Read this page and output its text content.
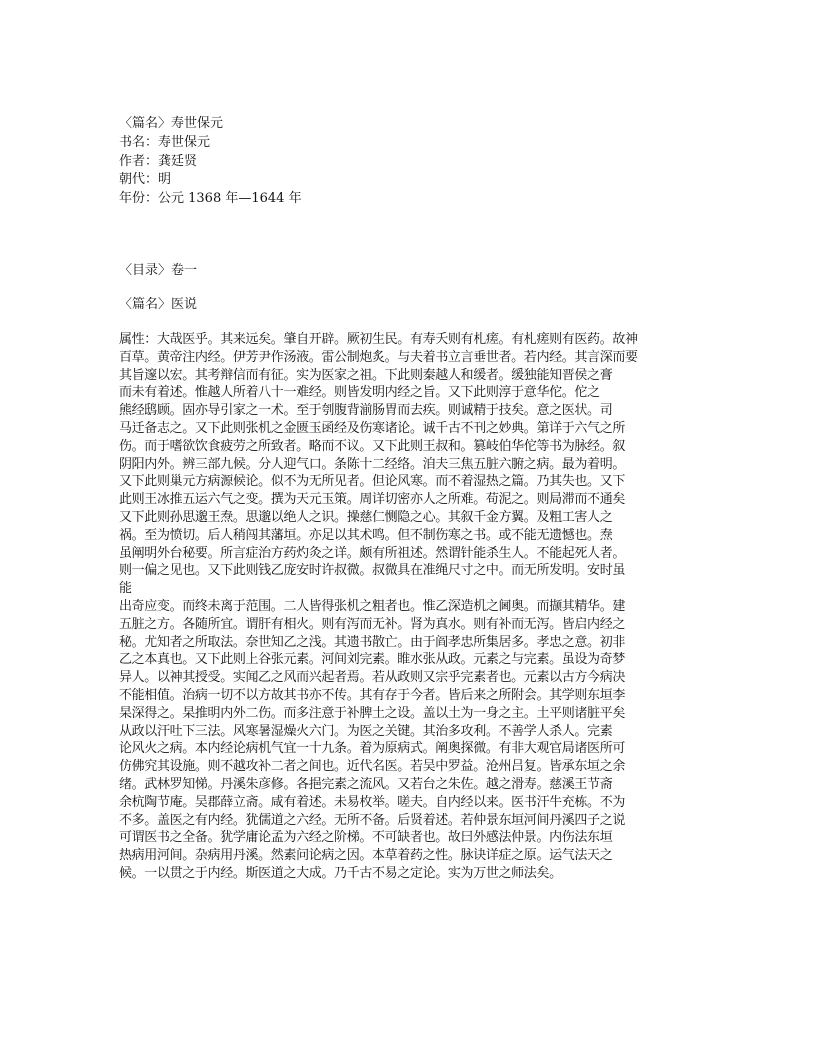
〈篇名〉寿世保元
书名：寿世保元
作者：龚廷贤
朝代：明
年份：公元 1368 年—1644 年
〈目录〉卷一
〈篇名〉医说
属性：大哉医乎。其来远矣。肇自开辟。厥初生民。有寿夭则有札瘥。有札瘥则有医药。故神
百草。黄帝注内经。伊芳尹作汤液。雷公制炮炙。与夫着书立言垂世者。若内经。其言深而要
其旨邃以宏。其考辩信而有征。实为医家之祖。下此则秦越人和缓者。缓独能知晋侯之膏
而未有着述。惟越人所着八十一难经。则皆发明内经之旨。又下此则淳于意华佗。佗之
熊经鸱顾。固亦导引家之一术。至于刳腹背湔肠胃而去疾。则诚精于技矣。意之医状。司
马迁备志之。又下此则张机之金匮玉函经及伤寒诸论。诚千古不刊之妙典。第详于六气之所
伤。而于嗜欲饮食疲劳之所致者。略而不议。又下此则王叔和。篡岐伯华佗等书为脉经。叙
阴阳内外。辨三部九候。分人迎气口。条陈十二经络。洎夫三焦五脏六腑之病。最为着明。
又下此则巢元方病源候论。似不为无所见者。但论风寒。而不着湿热之篇。乃其失也。又下
此则王冰推五运六气之变。撰为天元玉策。周详切密亦人之所难。苟泥之。则局滞而不通矣
又下此则孙思邈王焘。思邈以绝人之识。操慈仁恻隐之心。其叙千金方翼。及粗工害人之
祸。至为愤切。后人稍闯其藩垣。亦足以其术鸣。但不制伤寒之书。或不能无遗憾也。焘
虽阐明外台秘要。所言症治方药灼灸之详。颇有所祖述。然谓针能杀生人。不能起死人者。
则一偏之见也。又下此则钱乙庞安时许叔微。叔微具在准绳尺寸之中。而无所发明。安时虽
能
出奇应变。而终未离于范围。二人皆得张机之粗者也。惟乙深造机之阃奥。而撷其精华。建
五脏之方。各随所宜。谓肝有相火。则有泻而无补。肾为真水。则有补而无泻。皆启内经之
秘。尤知者之所取法。奈世知乙之浅。其遗书散亡。由于阎孝忠所集居多。孝忠之意。初非
乙之本真也。又下此则上谷张元素。河间刘完素。睢水张从政。元素之与完素。虽设为奇梦
异人。以神其授受。实闻乙之风而兴起者焉。若从政则又宗乎完素者也。元素以古方今病决
不能相值。治病一切不以方故其书亦不传。其有存于今者。皆后来之所附会。其学则东垣李
杲深得之。杲推明内外二伤。而多注意于补脾土之设。盖以土为一身之主。土平则诸脏平矣
从政以汗吐下三法。风寒暑湿燥火六门。为医之关键。其治多攻利。不善学人杀人。完素
论风火之病。本内经论病机气宜一十九条。着为原病式。阐奥探微。有非大观官局诸医所可
仿佛究其设施。则不越攻补二者之间也。近代名医。若吴中罗益。沧州吕复。皆承东垣之余
绪。武林罗知悌。丹溪朱彦修。各挹完素之流风。又若台之朱佐。越之滑寿。慈溪王节斋
余杭陶节庵。吴郡薛立斋。咸有着述。未易枚举。嗟夫。自内经以来。医书汗牛充栋。不为
不多。盖医之有内经。犹儒道之六经。无所不备。后贤着述。若仲景东垣河间丹溪四子之说
可谓医书之全备。犹学庸论孟为六经之阶梯。不可缺者也。故曰外感法仲景。内伤法东垣
热病用河间。杂病用丹溪。然素问论病之因。本草着药之性。脉诀详症之原。运气法天之
候。一以贯之于内经。斯医道之大成。乃千古不易之定论。实为万世之师法矣。
